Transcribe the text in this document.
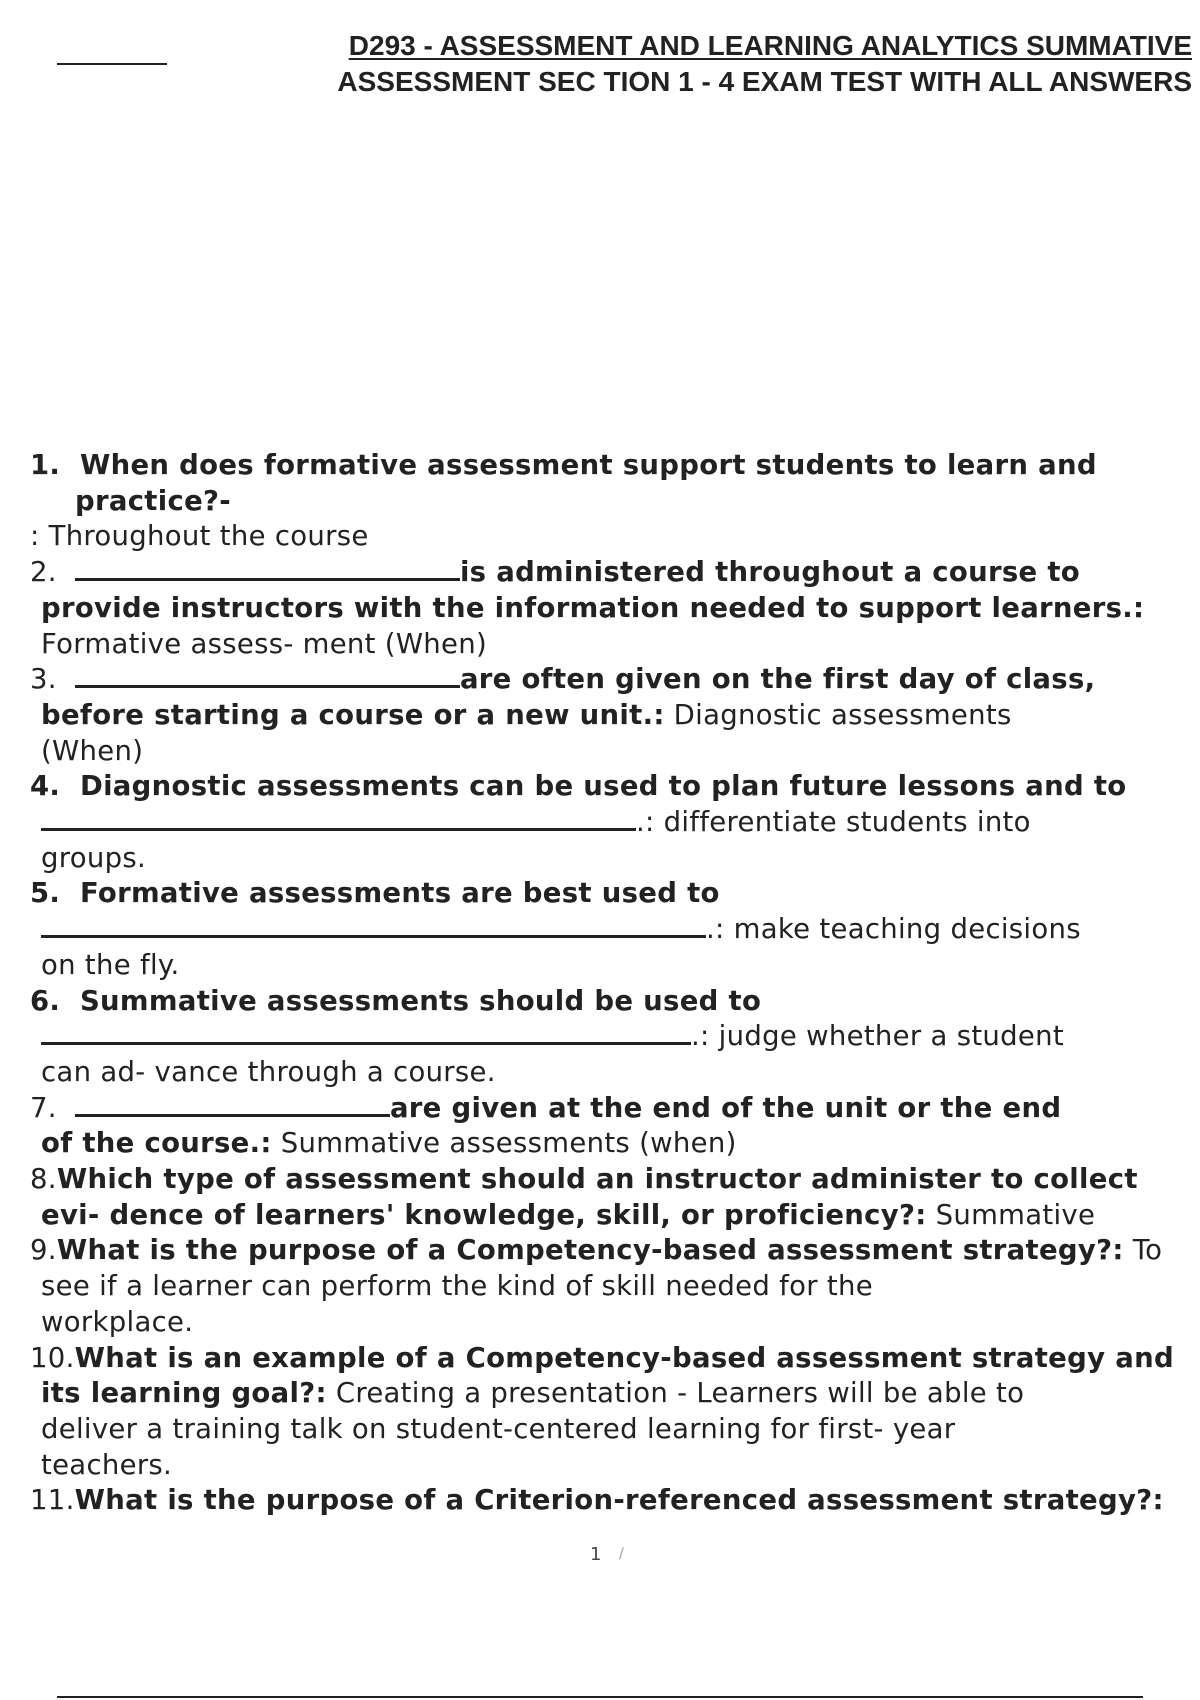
D293 - ASSESSMENT AND LEARNING ANALYTICS SUMMATIVE
ASSESSMENT SEC TION 1 - 4 EXAM TEST WITH ALL ANSWERS
1. When does formative assessment support students to learn and
practice?-
: Throughout the course
2.	is administered throughout a course to
provide instructors with the information needed to support learners.:
Formative assess- ment (When)
3.	are often given on the first day of class,
before starting a course or a new unit.: Diagnostic assessments
(When)
4. Diagnostic assessments can be used to plan future lessons and to
.: differentiate students into
groups.
5. Formative assessments are best used to
.: make teaching decisions
on the fly.
6. Summative assessments should be used to
.: judge whether a student
can ad- vance through a course.
7.	are given at the end of the unit or the end
of the course.: Summative assessments (when)
8.Which type of assessment should an instructor administer to collect
evi- dence of learners' knowledge, skill, or proficiency?: Summative
9.What is the purpose of a Competency-based assessment strategy?: To
see if a learner can perform the kind of skill needed for the
workplace.
10.What is an example of a Competency-based assessment strategy and
its learning goal?: Creating a presentation - Learners will be able to
deliver a training talk on student-centered learning for first- year
teachers.
11.What is the purpose of a Criterion-referenced assessment strategy?:
1 /
